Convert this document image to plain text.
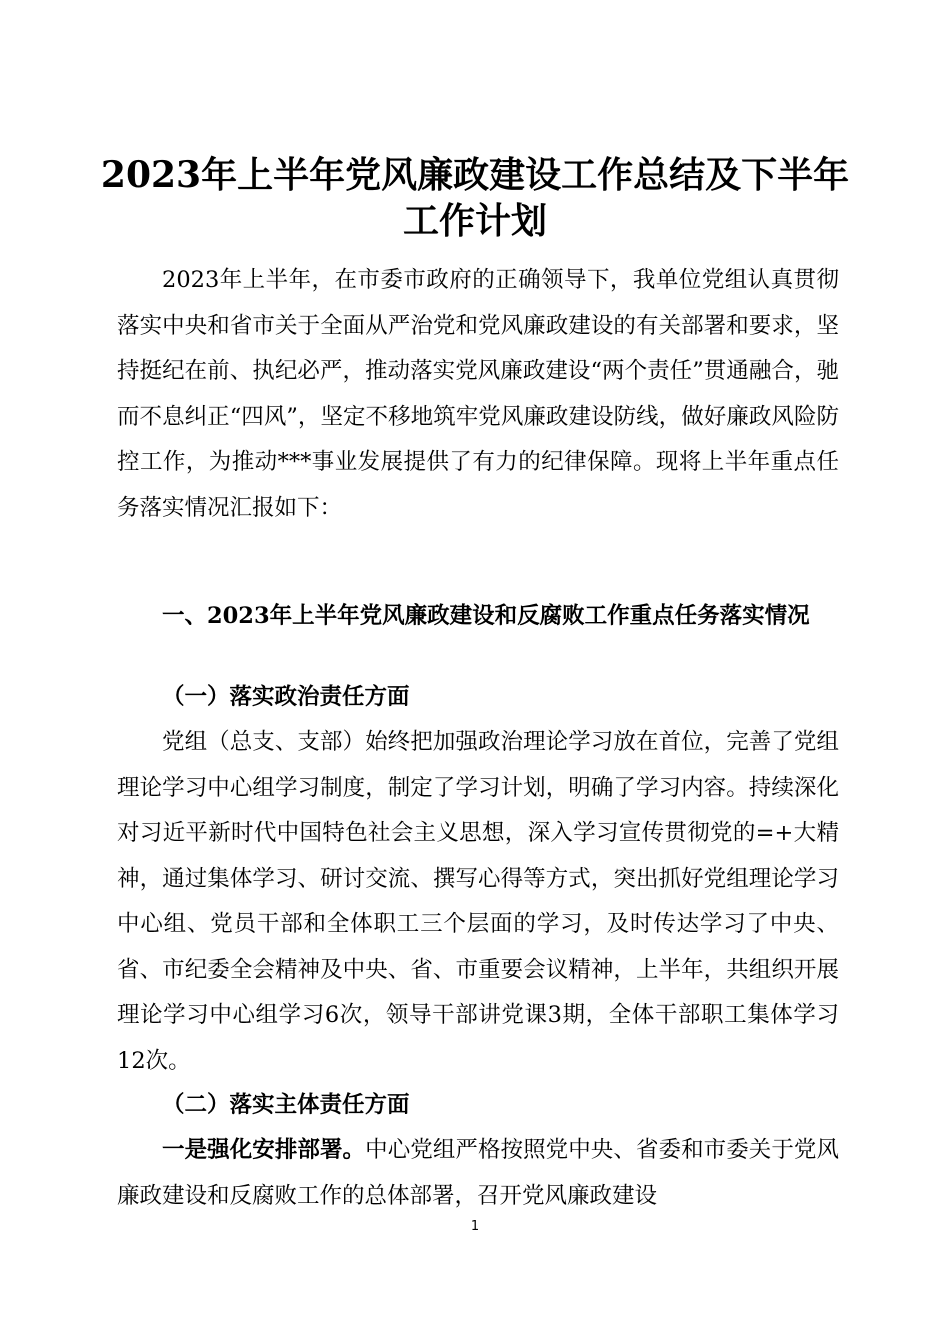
2023年上半年党风廉政建设工作总结及下半年
工作计划

2023年上半年，在市委市政府的正确领导下，我单位党组认真贯彻落实中央和省市关于全面从严治党和党风廉政建设的有关部署和要求，坚持挺纪在前、执纪必严，推动落实党风廉政建设“两个责任”贯通融合，驰而不息纠正“四风”，坚定不移地筑牢党风廉政建设防线，做好廉政风险防控工作，为推动***事业发展提供了有力的纪律保障。现将上半年重点任务落实情况汇报如下：

一、2023年上半年党风廉政建设和反腐败工作重点任务落实情况

（一）落实政治责任方面

党组（总支、支部）始终把加强政治理论学习放在首位，完善了党组理论学习中心组学习制度，制定了学习计划，明确了学习内容。持续深化对习近平新时代中国特色社会主义思想，深入学习宣传贯彻党的=+大精神，通过集体学习、研讨交流、撰写心得等方式，突出抓好党组理论学习中心组、党员干部和全体职工三个层面的学习，及时传达学习了中央、省、市纪委全会精神及中央、省、市重要会议精神，上半年，共组织开展理论学习中心组学习6次，领导干部讲党课3期，全体干部职工集体学习12次。

（二）落实主体责任方面

一是强化安排部署。中心党组严格按照党中央、省委和市委关于党风廉政建设和反腐败工作的总体部署，召开党风廉政建设

1
